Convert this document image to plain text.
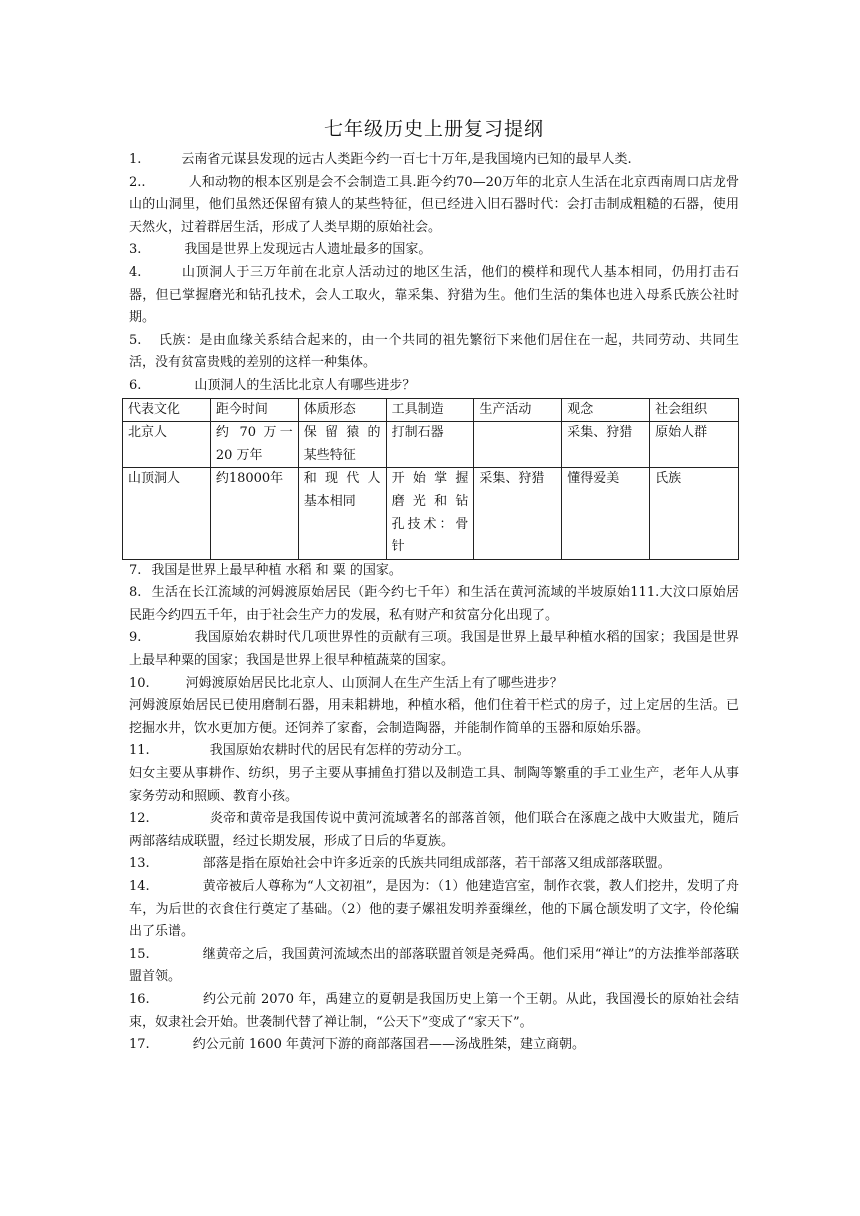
七年级历史上册复习提纲

1.	云南省元谋县发现的远古人类距今约一百七十万年,是我国境内已知的最早人类.

2..	人和动物的根本区别是会不会制造工具.距今约70—20万年的北京人生活在北京西南周口店龙骨山的山洞里，他们虽然还保留有猿人的某些特征，但已经进入旧石器时代：会打击制成粗糙的石器，使用天然火，过着群居生活，形成了人类早期的原始社会。

3.	我国是世界上发现远古人遗址最多的国家。

4.	山顶洞人于三万年前在北京人活动过的地区生活，他们的模样和现代人基本相同，仍用打击石器，但已掌握磨光和钻孔技术，会人工取火，靠采集、狩猎为生。他们生活的集体也进入母系氏族公社时期。

5. 氏族：是由血缘关系结合起来的，由一个共同的祖先繁衍下来他们居住在一起，共同劳动、共同生活，没有贫富贵贱的差别的这样一种集体。

6.	山顶洞人的生活比北京人有哪些进步？

代表文化	距今时间	体质形态	工具制造	生产活动	观念	社会组织
北京人	约 70 万一 20 万年	保 留 猿 的 某些特征	打制石器		采集、狩猎	原始人群
山顶洞人	约18000年	和 现 代 人 基本相同	开 始 掌 握 磨 光 和 钻 孔技术：骨针	采集、狩猎	懂得爱美	氏族

7. 我国是世界上最早种植 水稻 和 粟 的国家。

8. 生活在长江流域的河姆渡原始居民（距今约七千年）和生活在黄河流域的半坡原始111.大汶口原始居民距今约四五千年，由于社会生产力的发展，私有财产和贫富分化出现了。

9.	我国原始农耕时代几项世界性的贡献有三项。我国是世界上最早种植水稻的国家；我国是世界上最早种粟的国家；我国是世界上很早种植蔬菜的国家。

10.	河姆渡原始居民比北京人、山顶洞人在生产生活上有了哪些进步？

河姆渡原始居民已使用磨制石器，用耒耜耕地，种植水稻，他们住着干栏式的房子，过上定居的生活。已挖掘水井，饮水更加方便。还饲养了家畜，会制造陶器，并能制作简单的玉器和原始乐器。

11.	我国原始农耕时代的居民有怎样的劳动分工。

妇女主要从事耕作、纺织，男子主要从事捕鱼打猎以及制造工具、制陶等繁重的手工业生产，老年人从事家务劳动和照顾、教育小孩。

12.	炎帝和黄帝是我国传说中黄河流域著名的部落首领，他们联合在涿鹿之战中大败蚩尤，随后两部落结成联盟，经过长期发展，形成了日后的华夏族。

13.	部落是指在原始社会中许多近亲的氏族共同组成部落，若干部落又组成部落联盟。

14.	黄帝被后人尊称为“人文初祖”，是因为：（1）他建造宫室，制作衣裳，教人们挖井，发明了舟车，为后世的衣食住行奠定了基础。（2）他的妻子嫘祖发明养蚕缫丝，他的下属仓颉发明了文字，伶伦编出了乐谱。

15.	继黄帝之后，我国黄河流域杰出的部落联盟首领是尧舜禹。他们采用“禅让”的方法推举部落联盟首领。

16.	约公元前 2070 年，禹建立的夏朝是我国历史上第一个王朝。从此，我国漫长的原始社会结束，奴隶社会开始。世袭制代替了禅让制，“公天下”变成了“家天下”。

17.	约公元前 1600 年黄河下游的商部落国君——汤战胜桀，建立商朝。
